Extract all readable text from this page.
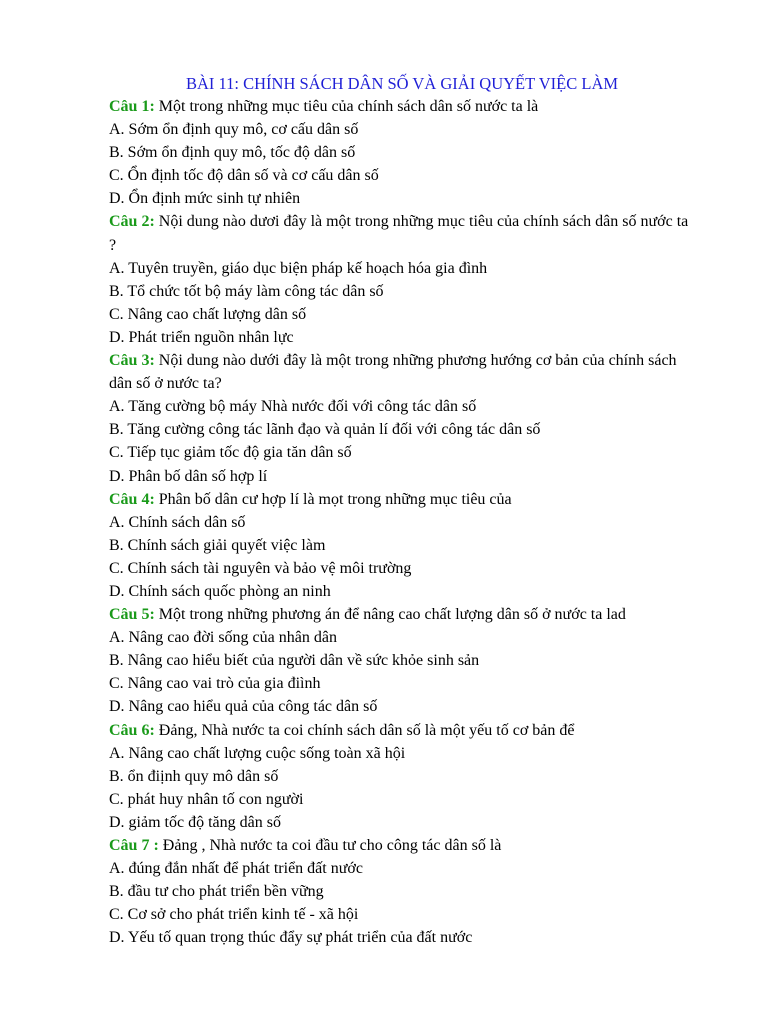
BÀI 11: CHÍNH SÁCH DÂN SỐ VÀ GIẢI QUYẾT VIỆC LÀM
Câu 1: Một trong những mục tiêu của chính sách dân số nước ta là
A. Sớm ổn định quy mô, cơ cấu dân số
B. Sớm ổn định quy mô, tốc độ dân số
C. Ổn định tốc độ dân số và cơ cấu dân số
D. Ổn định mức sinh tự nhiên
Câu 2: Nội dung nào dươi đây là một trong những mục tiêu của chính sách dân số nước ta ?
A. Tuyên truyền, giáo dục biện pháp kế hoạch hóa gia đình
B. Tổ chức tốt bộ máy làm công tác dân số
C. Nâng cao chất lượng dân số
D. Phát triển nguồn nhân lực
Câu 3: Nội dung nào dưới đây là một trong những phương hướng cơ bản của chính sách dân số ở nước ta?
A. Tăng cường bộ máy Nhà nước đối với công tác dân số
B. Tăng cường công tác lãnh đạo và quản lí đối với công tác dân số
C. Tiếp tục giảm tốc độ gia tăn dân số
D. Phân bố dân số hợp lí
Câu 4: Phân bố dân cư hợp lí là mọt trong những mục tiêu của
A. Chính sách dân số
B. Chính sách giải quyết việc làm
C. Chính sách tài nguyên và bảo vệ môi trường
D. Chính sách quốc phòng an ninh
Câu 5: Một trong những phương án để nâng cao chất lượng dân số ở nước ta lad
A. Nâng cao đời sống của nhân dân
B. Nâng cao hiểu biết của người dân về sức khỏe sinh sản
C. Nâng cao vai trò của gia điình
D. Nâng cao hiểu quả của công tác dân số
Câu 6: Đảng, Nhà nước ta coi chính sách dân số là một yếu tố cơ bản để
A. Nâng cao chất lượng cuộc sống toàn xã hội
B. ổn điịnh quy mô dân số
C. phát huy nhân tố con người
D. giảm tốc độ tăng dân số
Câu 7 : Đảng , Nhà nước ta coi đầu tư cho công tác dân số là
A. đúng đắn nhất để phát triển đất nước
B. đầu tư cho phát triển bền vững
C. Cơ sở cho phát triển kinh tế - xã hội
D. Yếu tố quan trọng thúc đẩy sự phát triển của đất nước
